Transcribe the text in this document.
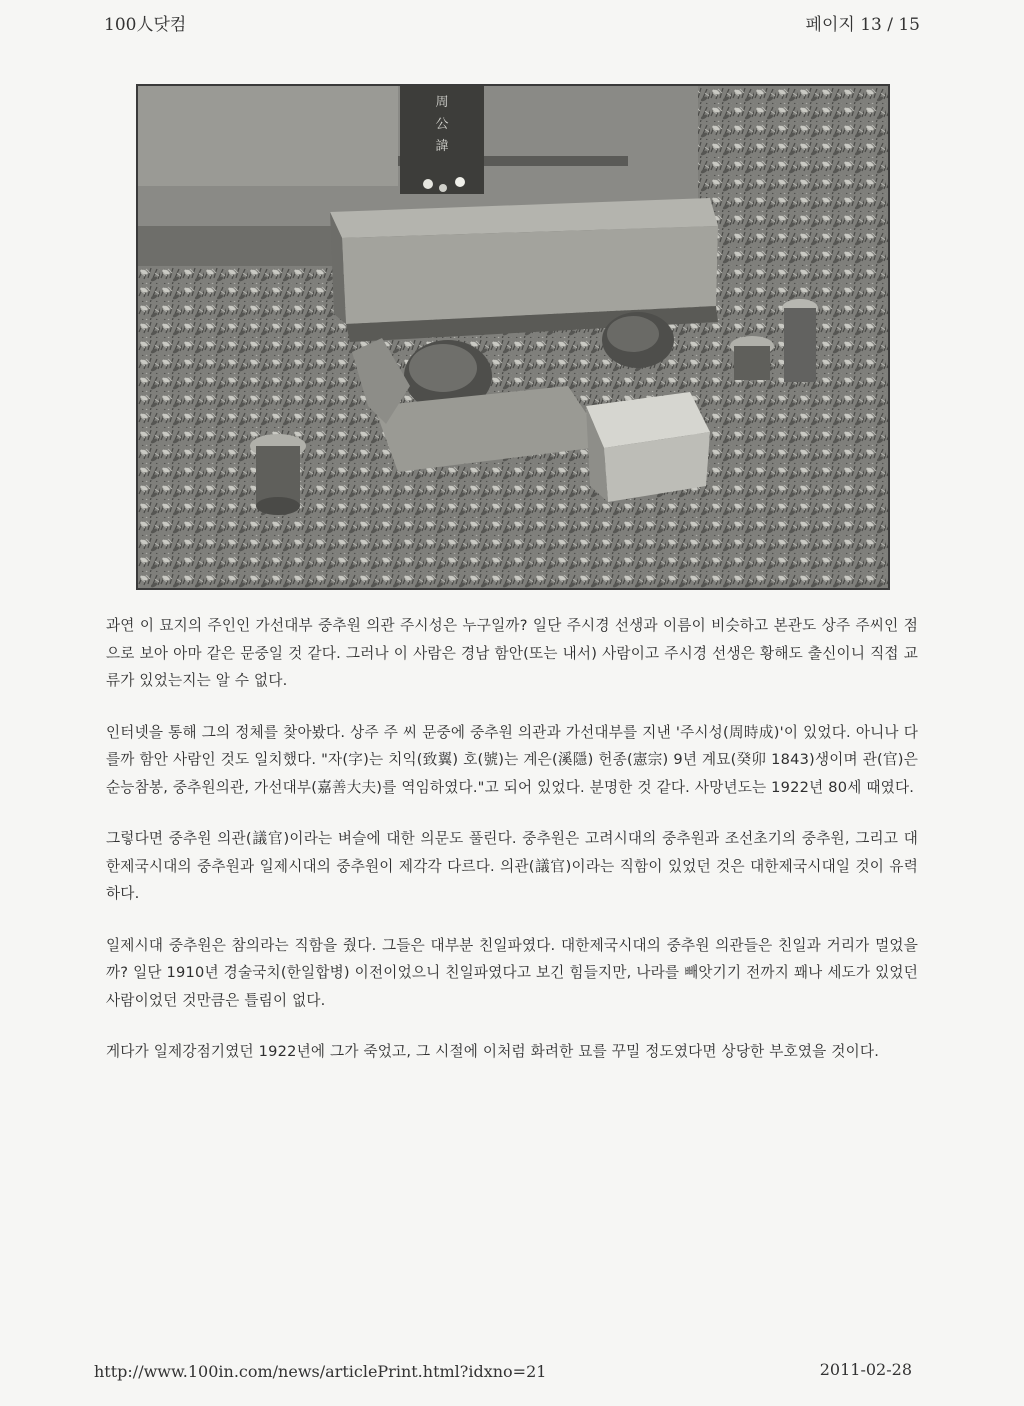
100人닷컴	페이지 13 / 15
周
公
諱

과연 이 묘지의 주인인 가선대부 중추원 의관 주시성은 누구일까? 일단 주시경 선생과 이름이 비슷하고 본관도 상주 주씨인 점으로 보아 아마 같은 문중일 것 같다. 그러나 이 사람은 경남 함안(또는 내서) 사람이고 주시경 선생은 황해도 출신이니 직접 교류가 있었는지는 알 수 없다.

인터넷을 통해 그의 정체를 찾아봤다. 상주 주 씨 문중에 중추원 의관과 가선대부를 지낸 '주시성(周時成)'이 있었다. 아니나 다를까 함안 사람인 것도 일치했다. "자(字)는 치익(致翼) 호(號)는 계은(溪隱) 헌종(憲宗) 9년 계묘(癸卯 1843)생이며 관(官)은 순능참봉, 중추원의관, 가선대부(嘉善大夫)를 역임하였다."고 되어 있었다. 분명한 것 같다. 사망년도는 1922년 80세 때였다.

그렇다면 중추원 의관(議官)이라는 벼슬에 대한 의문도 풀린다. 중추원은 고려시대의 중추원과 조선초기의 중추원, 그리고 대한제국시대의 중추원과 일제시대의 중추원이 제각각 다르다. 의관(議官)이라는 직함이 있었던 것은 대한제국시대일 것이 유력하다.

일제시대 중추원은 참의라는 직함을 줬다. 그들은 대부분 친일파였다. 대한제국시대의 중추원 의관들은 친일과 거리가 멀었을까? 일단 1910년 경술국치(한일합병) 이전이었으니 친일파였다고 보긴 힘들지만, 나라를 빼앗기기 전까지 꽤나 세도가 있었던 사람이었던 것만큼은 틀림이 없다.

게다가 일제강점기였던 1922년에 그가 죽었고, 그 시절에 이처럼 화려한 묘를 꾸밀 정도였다면 상당한 부호였을 것이다.

http://www.100in.com/news/articlePrint.html?idxno=21	2011-02-28
